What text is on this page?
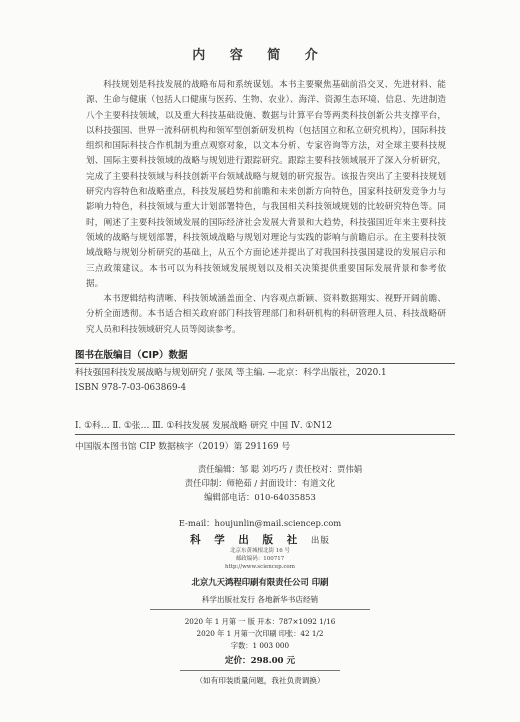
内 容 简 介

科技规划是科技发展的战略布局和系统谋划。本书主要聚焦基础前沿交叉、先进材料、能源、生命与健康（包括人口健康与医药、生物、农业）、海洋、资源生态环境、信息、先进制造八个主要科技领域，以及重大科技基础设施、数据与计算平台等两类科技创新公共支撑平台，以科技强国、世界一流科研机构和领军型创新研发机构（包括国立和私立研究机构），国际科技组织和国际科技合作机制为重点观察对象，以文本分析、专家咨询等方法，对全球主要科技规划、国际主要科技领域的战略与规划进行跟踪研究。跟踪主要科技领域展开了深入分析研究，完成了主要科技领域与科技创新平台领域战略与规划的研究报告。该报告突出了主要科技规划研究内容特色和战略重点，科技发展趋势和前瞻和未来创新方向特色，国家科技研发竞争力与影响力特色，科技领域与重大计划部署特色，与我国相关科技领域规划的比较研究特色等。同时，阐述了主要科技领域发展的国际经济社会发展大背景和大趋势，科技强国近年来主要科技领域的战略与规划部署，科技领域战略与规划对理论与实践的影响与前瞻启示。在主要科技领域战略与规划分析研究的基础上，从五个方面论述并提出了对我国科技强国建设的发展启示和三点政策建议。本书可以为科技领域发展规划以及相关决策提供重要国际发展背景和参考依据。

本书逻辑结构清晰、科技领域涵盖面全、内容观点新颖、资料数据翔实、视野开阔前瞻、分析全面透彻。本书适合相关政府部门科技管理部门和科研机构的科研管理人员、科技战略研究人员和科技领域研究人员等阅读参考。

图书在版编目（CIP）数据
科技强国科技发展战略与规划研究 / 张凤 等主编. —北京：科学出版社，2020.1
ISBN 978-7-03-063869-4
Ⅰ. ①科… Ⅱ. ①张… Ⅲ. ①科技发展 发展战略 研究 中国 Ⅳ. ①N12
中国版本图书馆 CIP 数据核字（2019）第 291169 号
责任编辑：邹 聪 刘巧巧 / 责任校对：贾伟娟
责任印制：师艳茹 / 封面设计：有道文化
编辑部电话：010-64035853
E-mail：houjunlin@mail.sciencep.com
科 学 出 版 社 出版
北京东黄城根北街 16 号
邮政编码：100717
http://www.sciencep.com
北京九天鸿程印刷有限责任公司 印刷
科学出版社发行 各地新华书店经销
2020 年 1 月第 一 版 开本：787×1092 1/16
2020 年 1 月第一次印刷 印张：42 1/2
字数：1 003 000
定价：298.00 元
（如有印装质量问题，我社负责调换）
